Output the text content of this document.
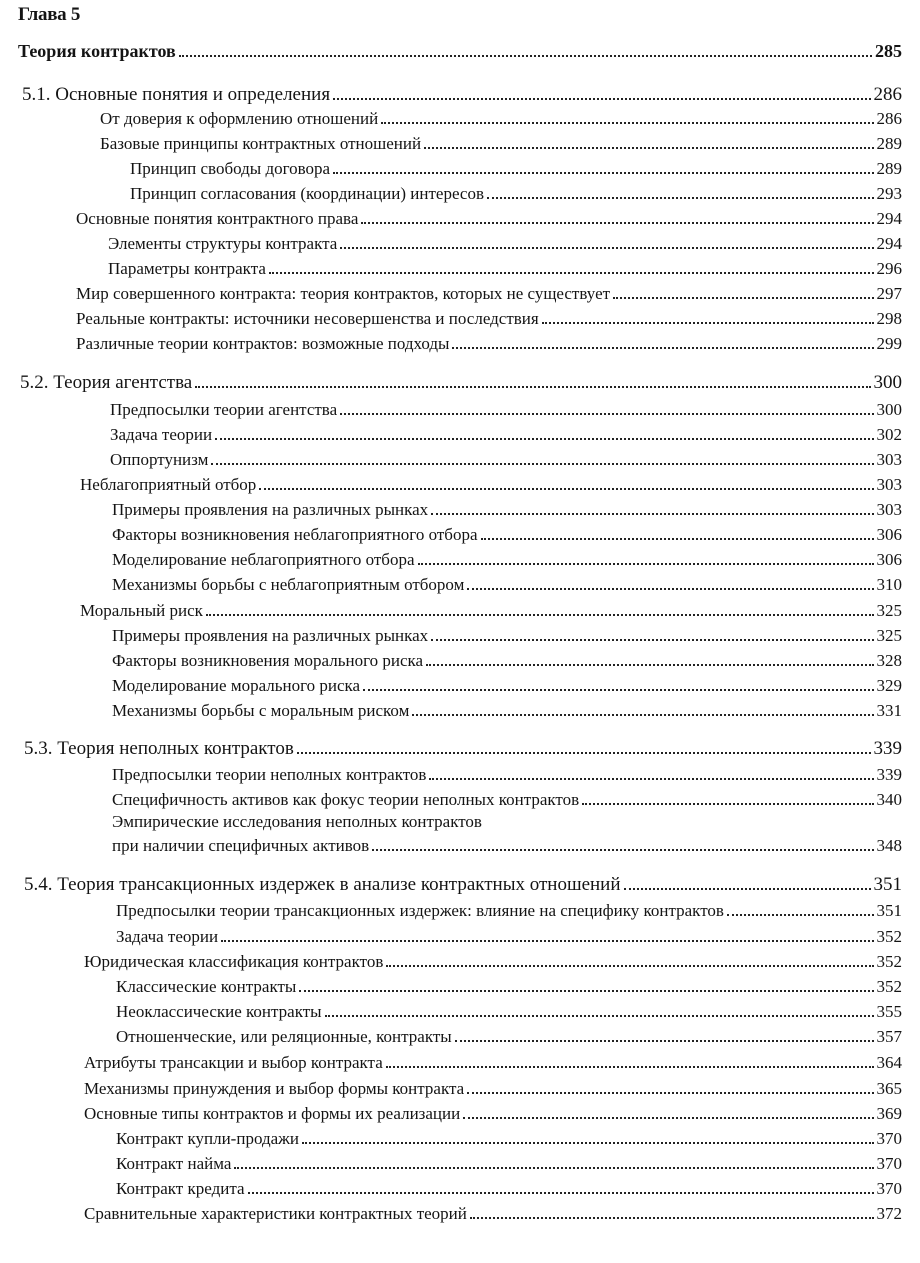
Глава 5
Теория контрактов	285
5.1. Основные понятия и определения	286
От доверия к оформлению отношений	286
Базовые принципы контрактных отношений	289
Принцип свободы договора	289
Принцип согласования (координации) интересов	293
Основные понятия контрактного права	294
Элементы структуры контракта	294
Параметры контракта	296
Мир совершенного контракта: теория контрактов, которых не существует	297
Реальные контракты: источники несовершенства и последствия	298
Различные теории контрактов: возможные подходы	299
5.2. Теория агентства	300
Предпосылки теории агентства	300
Задача теории	302
Оппортунизм	303
Неблагоприятный отбор	303
Примеры проявления на различных рынках	303
Факторы возникновения неблагоприятного отбора	306
Моделирование неблагоприятного отбора	306
Механизмы борьбы с неблагоприятным отбором	310
Моральный риск	325
Примеры проявления на различных рынках	325
Факторы возникновения морального риска	328
Моделирование морального риска	329
Механизмы борьбы с моральным риском	331
5.3. Теория неполных контрактов	339
Предпосылки теории неполных контрактов	339
Специфичность активов как фокус теории неполных контрактов	340
Эмпирические исследования неполных контрактов
при наличии специфичных активов	348
5.4. Теория трансакционных издержек в анализе контрактных отношений	351
Предпосылки теории трансакционных издержек: влияние на специфику контрактов	351
Задача теории	352
Юридическая классификация контрактов	352
Классические контракты	352
Неоклассические контракты	355
Отношенческие, или реляционные, контракты	357
Атрибуты трансакции и выбор контракта	364
Механизмы принуждения и выбор формы контракта	365
Основные типы контрактов и формы их реализации	369
Контракт купли-продажи	370
Контракт найма	370
Контракт кредита	370
Сравнительные характеристики контрактных теорий	372
